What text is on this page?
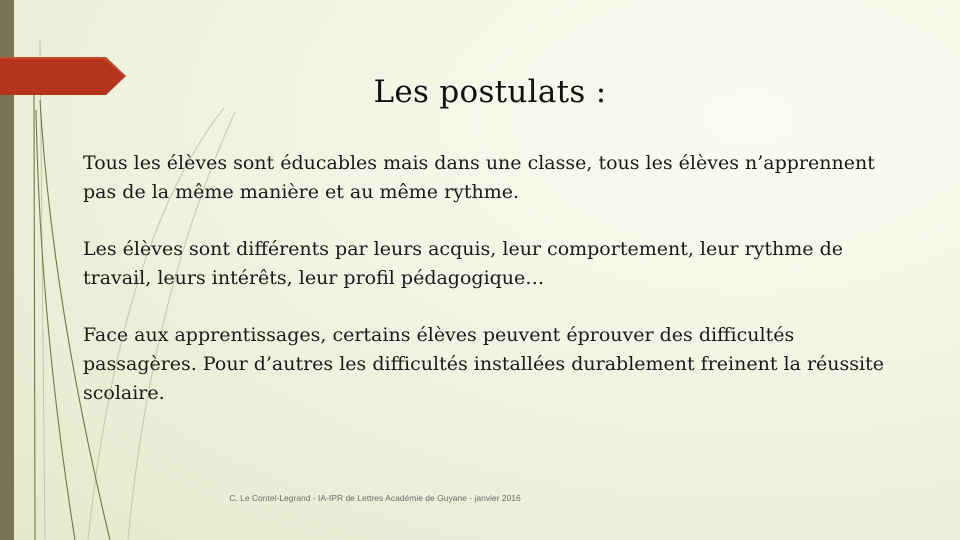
Les postulats :

Tous les élèves sont éducables mais dans une classe, tous les élèves n’apprennent pas de la même manière et au même rythme.

Les élèves sont différents par leurs acquis, leur comportement, leur rythme de travail, leurs intérêts, leur profil pédagogique…

Face aux apprentissages, certains élèves peuvent éprouver des difficultés passagères. Pour d’autres les difficultés installées durablement freinent la réussite scolaire.

C. Le Contel-Legrand - IA-IPR de Lettres Académie de Guyane - janvier 2016
